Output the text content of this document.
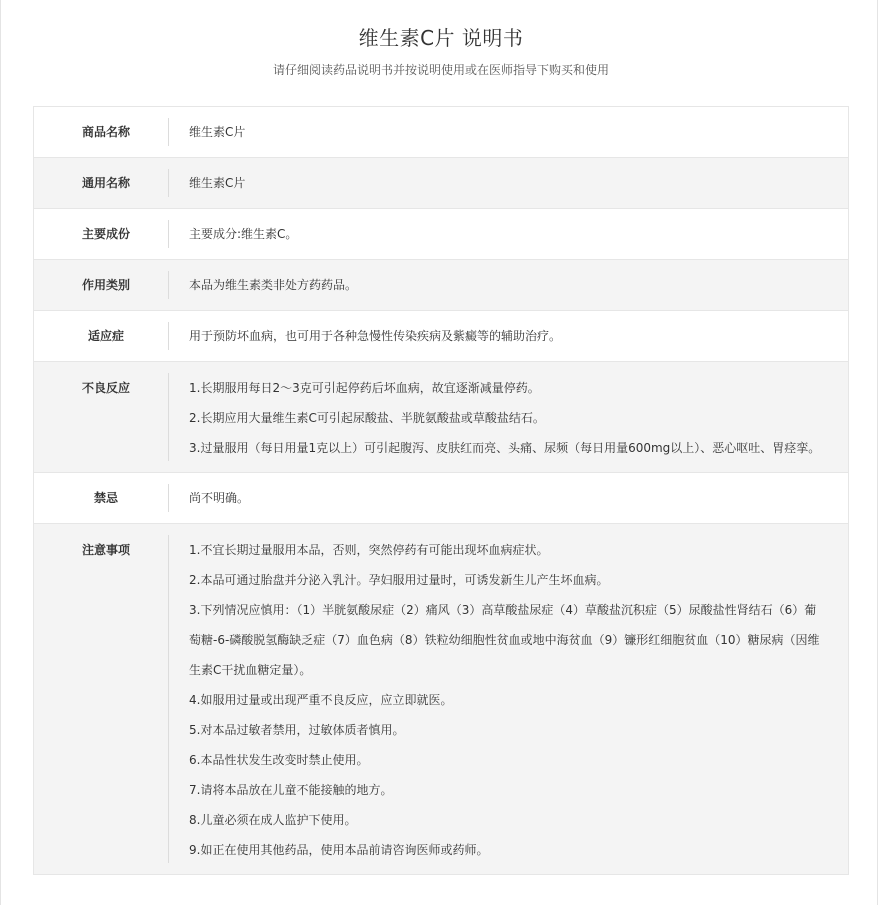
维生素C片 说明书
请仔细阅读药品说明书并按说明使用或在医师指导下购买和使用
商品名称	维生素C片
通用名称	维生素C片
主要成份	主要成分:维生素C。
作用类别	本品为维生素类非处方药药品。
适应症	用于预防坏血病，也可用于各种急慢性传染疾病及紫癜等的辅助治疗。
不良反应	1.长期服用每日2～3克可引起停药后坏血病，故宜逐渐减量停药。
2.长期应用大量维生素C可引起尿酸盐、半胱氨酸盐或草酸盐结石。
3.过量服用（每日用量1克以上）可引起腹泻、皮肤红而亮、头痛、尿频（每日用量600mg以上）、恶心呕吐、胃痉挛。
禁忌	尚不明确。
注意事项	1.不宜长期过量服用本品，否则，突然停药有可能出现坏血病症状。
2.本品可通过胎盘并分泌入乳汁。孕妇服用过量时，可诱发新生儿产生坏血病。
3.下列情况应慎用：（1）半胱氨酸尿症（2）痛风（3）高草酸盐尿症（4）草酸盐沉积症（5）尿酸盐性肾结石（6）葡萄糖-6-磷酸脱氢酶缺乏症（7）血色病（8）铁粒幼细胞性贫血或地中海贫血（9）镰形红细胞贫血（10）糖尿病（因维生素C干扰血糖定量）。
4.如服用过量或出现严重不良反应，应立即就医。
5.对本品过敏者禁用，过敏体质者慎用。
6.本品性状发生改变时禁止使用。
7.请将本品放在儿童不能接触的地方。
8.儿童必须在成人监护下使用。
9.如正在使用其他药品，使用本品前请咨询医师或药师。
